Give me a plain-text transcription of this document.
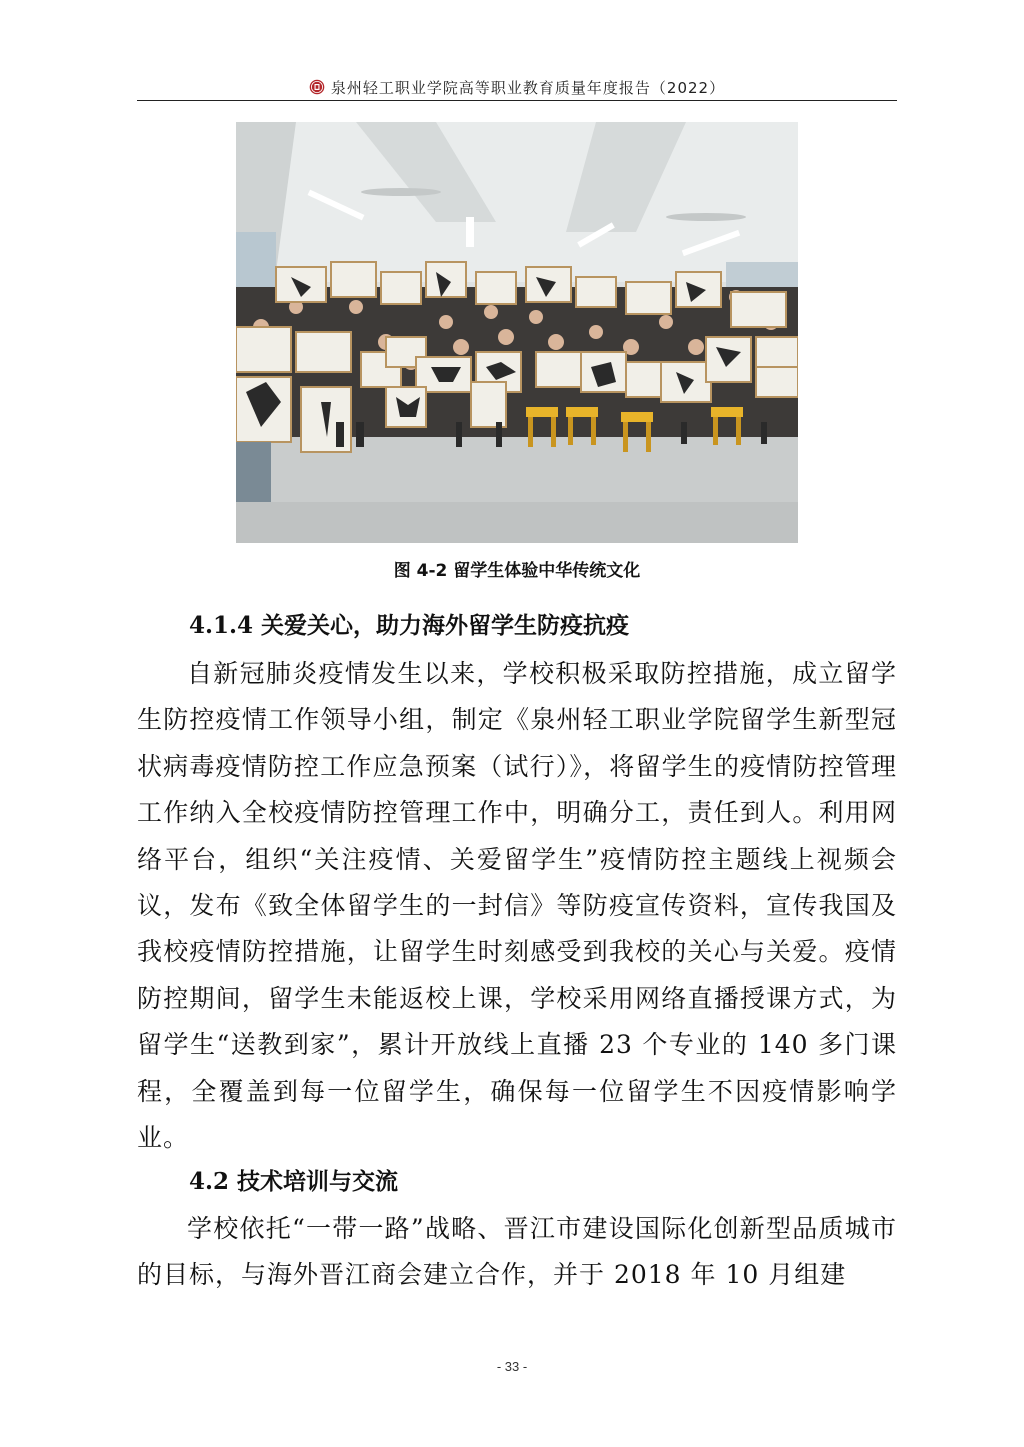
泉州轻工职业学院高等职业教育质量年度报告（2022）
图 4-2 留学生体验中华传统文化
4.1.4 关爱关心，助力海外留学生防疫抗疫

自新冠肺炎疫情发生以来，学校积极采取防控措施，成立留学生防控疫情工作领导小组，制定《泉州轻工职业学院留学生新型冠状病毒疫情防控工作应急预案（试行）》，将留学生的疫情防控管理工作纳入全校疫情防控管理工作中，明确分工，责任到人。利用网络平台，组织“关注疫情、关爱留学生”疫情防控主题线上视频会议，发布《致全体留学生的一封信》等防疫宣传资料，宣传我国及我校疫情防控措施，让留学生时刻感受到我校的关心与关爱。疫情防控期间，留学生未能返校上课，学校采用网络直播授课方式，为留学生“送教到家”，累计开放线上直播 23 个专业的 140 多门课程，全覆盖到每一位留学生，确保每一位留学生不因疫情影响学业。

4.2 技术培训与交流

学校依托“一带一路”战略、晋江市建设国际化创新型品质城市的目标，与海外晋江商会建立合作，并于 2018 年 10 月组建

- 33 -
